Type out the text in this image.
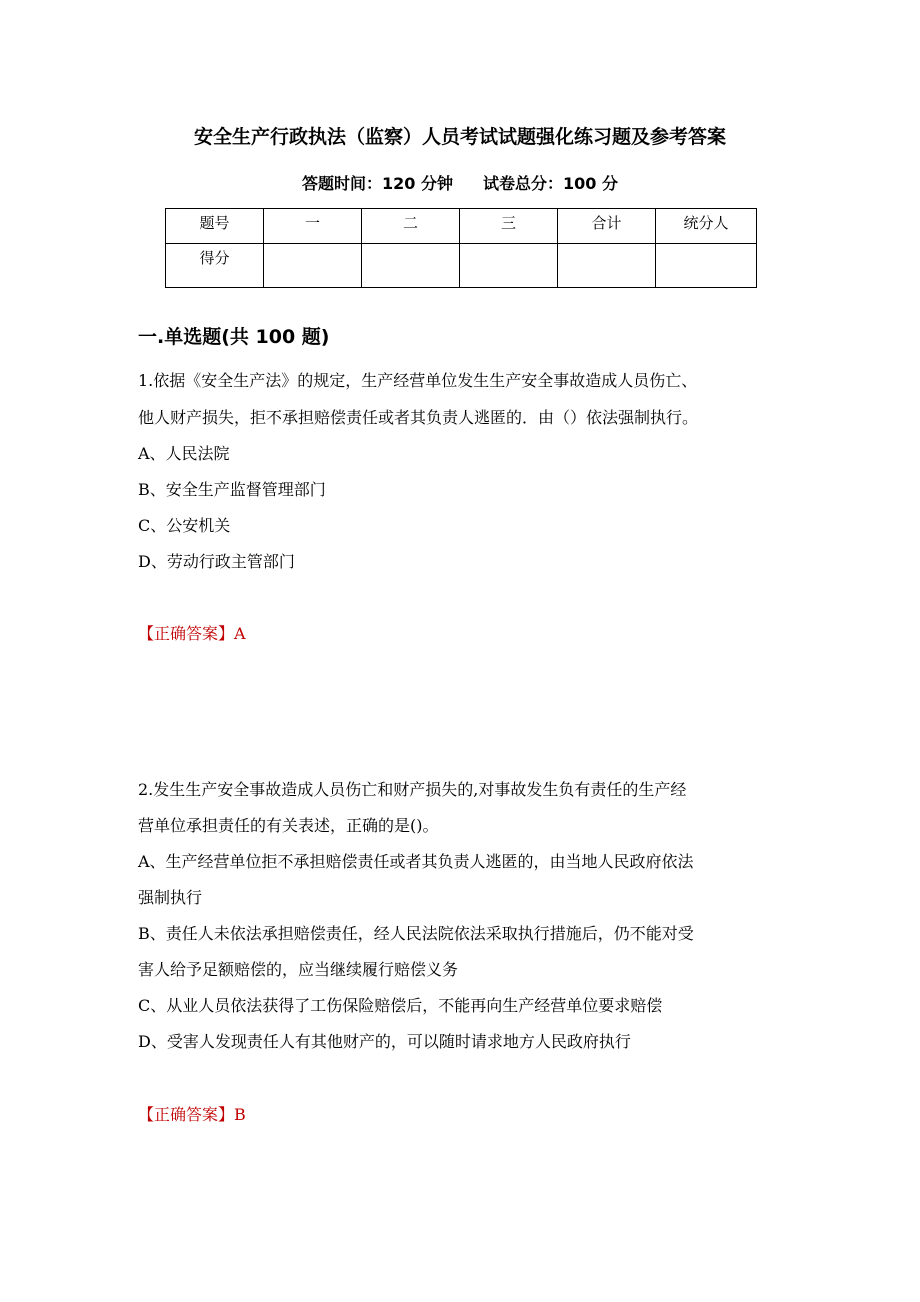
安全生产行政执法（监察）人员考试试题强化练习题及参考答案
答题时间：120 分钟 试卷总分：100 分
题号	一	二	三	合计	统分人
得分					
一.单选题(共 100 题)
1.依据《安全生产法》的规定，生产经营单位发生生产安全事故造成人员伤亡、
他人财产损失，拒不承担赔偿责任或者其负责人逃匿的．由（）依法强制执行。
A、人民法院
B、安全生产监督管理部门
C、公安机关
D、劳动行政主管部门
【正确答案】A
2.发生生产安全事故造成人员伤亡和财产损失的,对事故发生负有责任的生产经
营单位承担责任的有关表述，正确的是()。
A、生产经营单位拒不承担赔偿责任或者其负责人逃匿的，由当地人民政府依法
强制执行
B、责任人未依法承担赔偿责任，经人民法院依法采取执行措施后，仍不能对受
害人给予足额赔偿的，应当继续履行赔偿义务
C、从业人员依法获得了工伤保险赔偿后，不能再向生产经营单位要求赔偿
D、受害人发现责任人有其他财产的，可以随时请求地方人民政府执行
【正确答案】B
